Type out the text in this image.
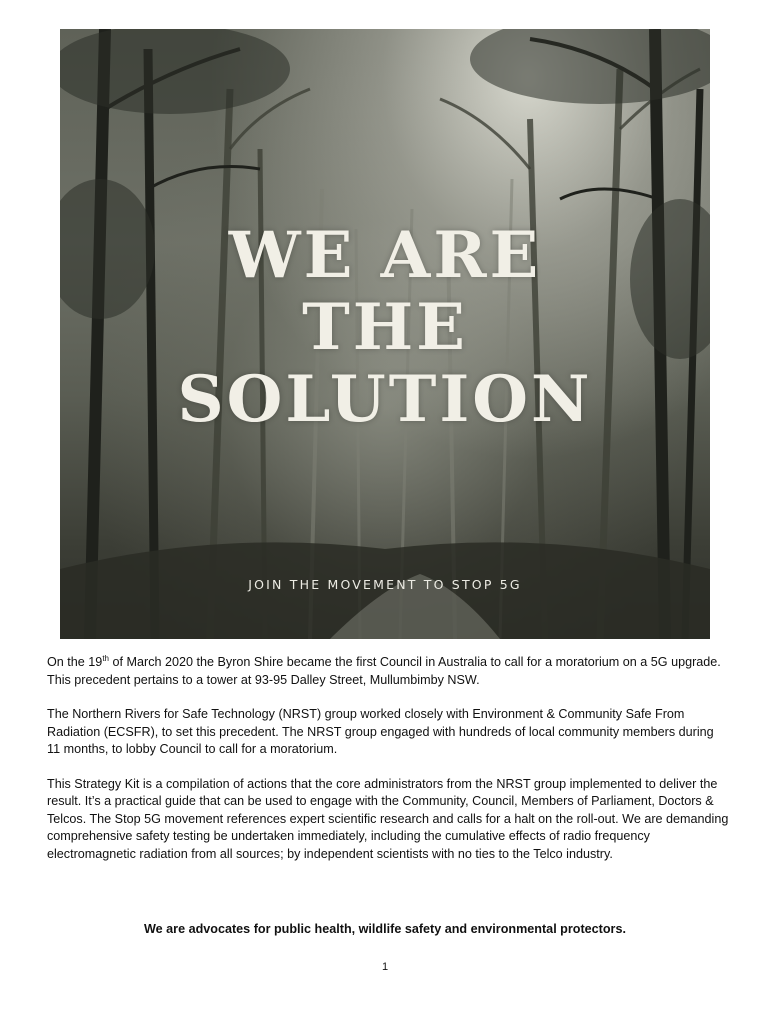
WE ARE
THE
SOLUTION
JOIN THE MOVEMENT TO STOP 5G

On the 19th of March 2020 the Byron Shire became the first Council in Australia to call for a moratorium on a 5G upgrade. This precedent pertains to a tower at 93-95 Dalley Street, Mullumbimby NSW.

The Northern Rivers for Safe Technology (NRST) group worked closely with Environment & Community Safe From Radiation (ECSFR), to set this precedent. The NRST group engaged with hundreds of local community members during 11 months, to lobby Council to call for a moratorium.

This Strategy Kit is a compilation of actions that the core administrators from the NRST group implemented to deliver the result. It’s a practical guide that can be used to engage with the Community, Council, Members of Parliament, Doctors & Telcos. The Stop 5G movement references expert scientific research and calls for a halt on the roll-out. We are demanding comprehensive safety testing be undertaken immediately, including the cumulative effects of radio frequency electromagnetic radiation from all sources; by independent scientists with no ties to the Telco industry.

We are advocates for public health, wildlife safety and environmental protectors.
1
